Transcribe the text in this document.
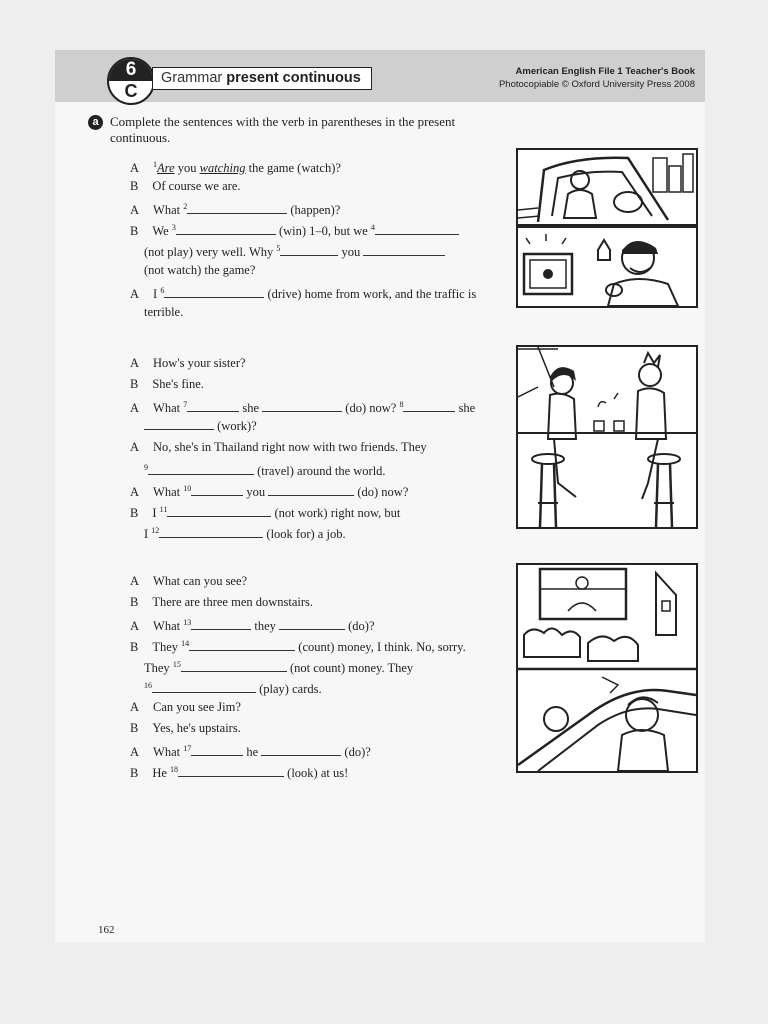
6
C
Grammar present continuous	American English File 1 Teacher's Book
Photocopiable © Oxford University Press 2008
a Complete the sentences with the verb in parentheses in the present continuous.
A $^1$Are you watching the game (watch)?
B Of course we are.
A What $^2$	(happen)?
B We $^3$	(win) 1–0, but we $^4$
(not play) very well. Why $^5$	you
(not watch) the game?
A I $^6$	(drive) home from work, and the traffic is
terrible.
A How's your sister?
B She's fine.
A What $^7$	she	(do) now? $^8$	she
(work)?
A No, she's in Thailand right now with two friends. They
$^9$	(travel) around the world.
A What $^{10}$	you	(do) now?
B I $^{11}$	(not work) right now, but
I $^{12}$	(look for) a job.
A What can you see?
B There are three men downstairs.
A What $^{13}$	they	(do)?
B They $^{14}$	(count) money, I think. No, sorry.
They $^{15}$	(not count) money. They
$^{16}$	(play) cards.
A Can you see Jim?
B Yes, he's upstairs.
A What $^{17}$	he	(do)?
B He $^{18}$	(look) at us!
162
